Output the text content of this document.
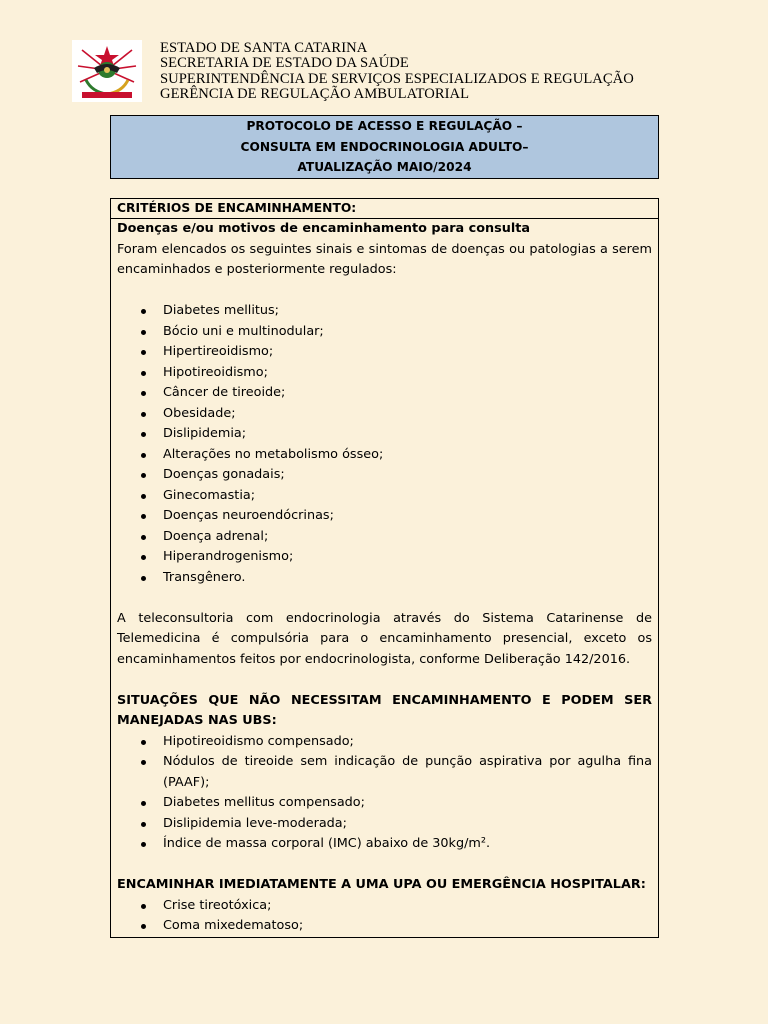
ESTADO DE SANTA CATARINA
SECRETARIA DE ESTADO DA SAÚDE
SUPERINTENDÊNCIA DE SERVIÇOS ESPECIALIZADOS E REGULAÇÃO
GERÊNCIA DE REGULAÇÃO AMBULATORIAL
PROTOCOLO DE ACESSO E REGULAÇÃO –
CONSULTA EM ENDOCRINOLOGIA ADULTO–
ATUALIZAÇÃO MAIO/2024
CRITÉRIOS DE ENCAMINHAMENTO:
Doenças e/ou motivos de encaminhamento para consulta
Foram elencados os seguintes sinais e sintomas de doenças ou patologias a serem encaminhados e posteriormente regulados:
Diabetes mellitus;
Bócio uni e multinodular;
Hipertireoidismo;
Hipotireoidismo;
Câncer de tireoide;
Obesidade;
Dislipidemia;
Alterações no metabolismo ósseo;
Doenças gonadais;
Ginecomastia;
Doenças neuroendócrinas;
Doença adrenal;
Hiperandrogenismo;
Transgênero.
A teleconsultoria com endocrinologia através do Sistema Catarinense de Telemedicina é compulsória para o encaminhamento presencial, exceto os encaminhamentos feitos por endocrinologista, conforme Deliberação 142/2016.
SITUAÇÕES QUE NÃO NECESSITAM ENCAMINHAMENTO E PODEM SER MANEJADAS NAS UBS:
Hipotireoidismo compensado;
Nódulos de tireoide sem indicação de punção aspirativa por agulha fina (PAAF);
Diabetes mellitus compensado;
Dislipidemia leve-moderada;
Índice de massa corporal (IMC) abaixo de 30kg/m².
ENCAMINHAR IMEDIATAMENTE A UMA UPA OU EMERGÊNCIA HOSPITALAR:
Crise tireotóxica;
Coma mixedematoso;
